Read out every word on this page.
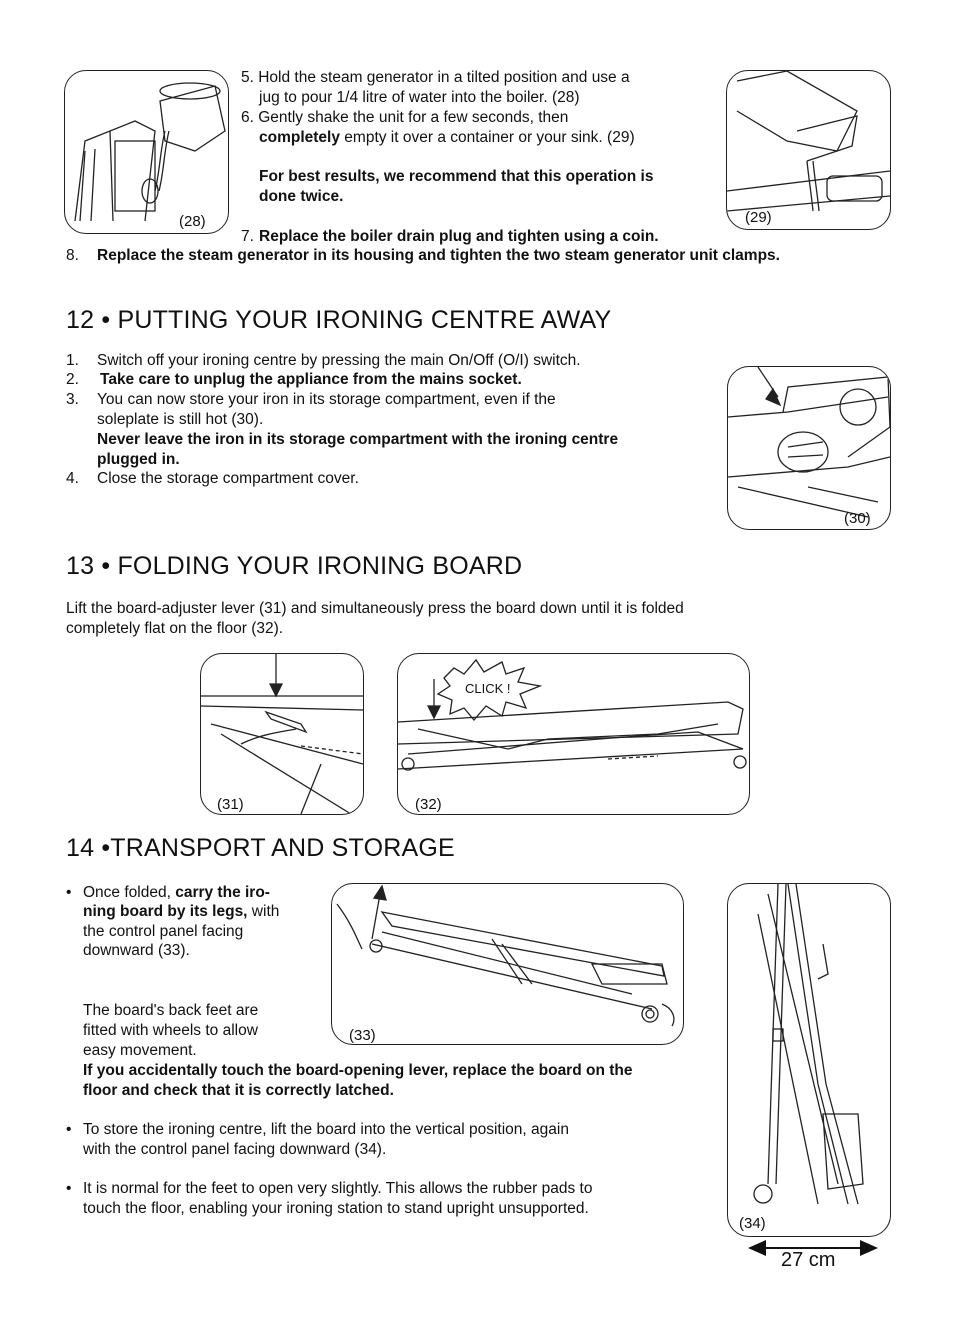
(28)	(29)
5. Hold the steam generator in a tilted position and use a
jug to pour 1/4 litre of water into the boiler. (28)
6. Gently shake the unit for a few seconds, then
completely empty it over a container or your sink. (29)
For best results, we recommend that this operation is
done twice.
7. Replace the boiler drain plug and tighten using a coin.
8. Replace the steam generator in its housing and tighten the two steam generator unit clamps.
12 • PUTTING YOUR IRONING CENTRE AWAY
1. Switch off your ironing centre by pressing the main On/Off (O/I) switch.
2. Take care to unplug the appliance from the mains socket.
3. You can now store your iron in its storage compartment, even if the
soleplate is still hot (30).
Never leave the iron in its storage compartment with the ironing centre
plugged in.
4. Close the storage compartment cover.
(30)
13 • FOLDING YOUR IRONING BOARD
Lift the board-adjuster lever (31) and simultaneously press the board down until it is folded
completely flat on the floor (32).
(31)
CLICK !
(32)
14 •TRANSPORT AND STORAGE
• Once folded, carry the iro-
ning board by its legs, with
the control panel facing
downward (33).
The board's back feet are
fitted with wheels to allow
easy movement.
If you accidentally touch the board-opening lever, replace the board on the
floor and check that it is correctly latched.
• To store the ironing centre, lift the board into the vertical position, again
with the control panel facing downward (34).
• It is normal for the feet to open very slightly. This allows the rubber pads to
touch the floor, enabling your ironing station to stand upright unsupported.
(33)
(34)
27 cm
